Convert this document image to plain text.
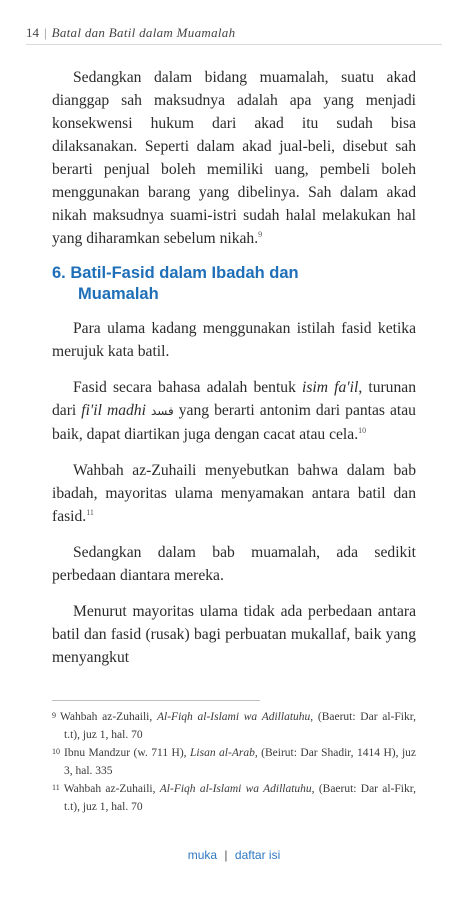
14 | Batal dan Batil dalam Muamalah

Sedangkan dalam bidang muamalah, suatu akad dianggap sah maksudnya adalah apa yang menjadi konsekwensi hukum dari akad itu sudah bisa dilaksanakan. Seperti dalam akad jual-beli, disebut sah berarti penjual boleh memiliki uang, pembeli boleh menggunakan barang yang dibelinya. Sah dalam akad nikah maksudnya suami-istri sudah halal melakukan hal yang diharamkan sebelum nikah.$^9$

6. Batil-Fasid dalam Ibadah dan
Muamalah

Para ulama kadang menggunakan istilah fasid ketika merujuk kata batil.

Fasid secara bahasa adalah bentuk isim fa'il, turunan dari fi'il madhi فسد yang berarti antonim dari pantas atau baik, dapat diartikan juga dengan cacat atau cela.$^{10}$

Wahbah az-Zuhaili menyebutkan bahwa dalam bab ibadah, mayoritas ulama menyamakan antara batil dan fasid.$^{11}$

Sedangkan dalam bab muamalah, ada sedikit perbedaan diantara mereka.

Menurut mayoritas ulama tidak ada perbedaan antara batil dan fasid (rusak) bagi perbuatan mukallaf, baik yang menyangkut

$^9$ Wahbah az-Zuhaili, Al-Fiqh al-Islami wa Adillatuhu, (Baerut: Dar al-Fikr, t.t), juz 1, hal. 70

$^{10}$ Ibnu Mandzur (w. 711 H), Lisan al-Arab, (Beirut: Dar Shadir, 1414 H), juz 3, hal. 335

$^{11}$ Wahbah az-Zuhaili, Al-Fiqh al-Islami wa Adillatuhu, (Baerut: Dar al-Fikr, t.t), juz 1, hal. 70

muka | daftar isi
